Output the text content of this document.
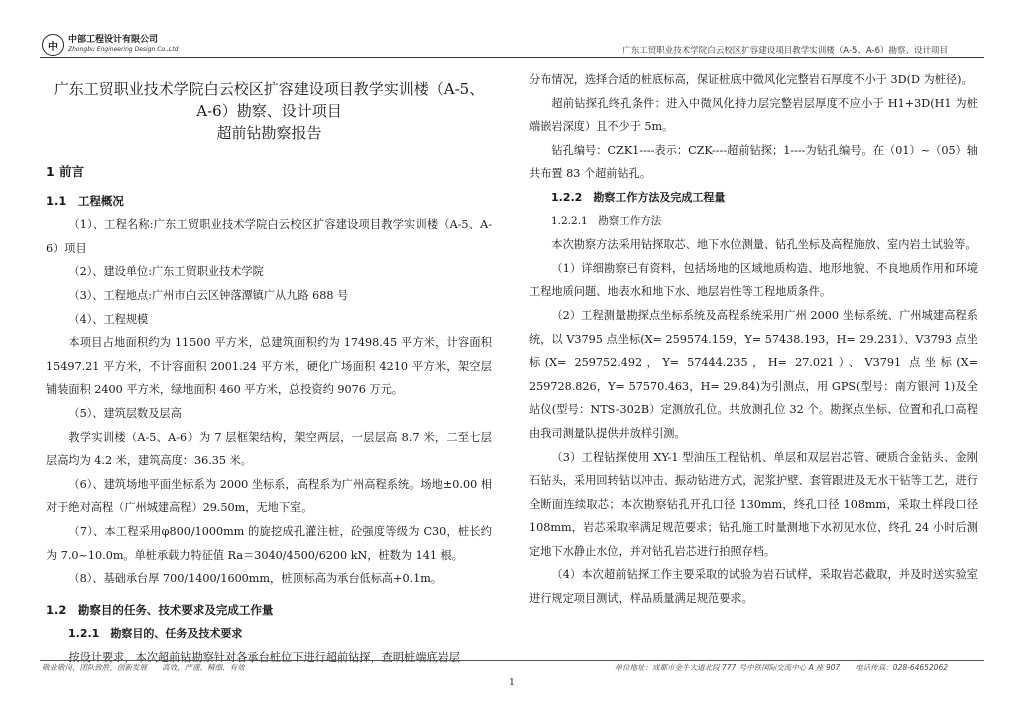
中
中部工程设计有限公司
Zhongbu Engineering Design Co.,Ltd	广东工贸职业技术学院白云校区扩容建设项目教学实训楼（A-5、A-6）勘察、设计项目
广东工贸职业技术学院白云校区扩容建设项目教学实训楼（A-5、
A-6）勘察、设计项目
超前钻勘察报告
1 前言
1.1　工程概况
（1）、工程名称:广东工贸职业技术学院白云校区扩容建设项目教学实训楼（A-5、A-6）项目
（2）、建设单位:广东工贸职业技术学院
（3）、工程地点:广州市白云区钟落潭镇广从九路 688 号
（4）、工程规模
本项目占地面积约为 11500 平方米，总建筑面积约为 17498.45 平方米，计容面积 15497.21 平方米，不计容面积 2001.24 平方米，硬化广场面积 4210 平方米，架空层铺装面积 2400 平方米，绿地面积 460 平方米，总投资约 9076 万元。
（5）、建筑层数及层高
教学实训楼（A-5、A-6）为 7 层框架结构，架空两层，一层层高 8.7 米，二至七层层高均为 4.2 米，建筑高度：36.35 米。
（6）、建筑场地平面坐标系为 2000 坐标系，高程系为广州高程系统。场地±0.00 相对于绝对高程（广州城建高程）29.50m，无地下室。
（7）、本工程采用φ800/1000mm 的旋挖成孔灌注桩，砼强度等级为 C30，桩长约为 7.0~10.0m。单桩承载力特征值 Ra＝3040/4500/6200 kN，桩数为 141 根。
（8）、基础承台厚 700/1400/1600mm，桩顶标高为承台低标高+0.1m。
1.2　勘察目的任务、技术要求及完成工作量
1.2.1　勘察目的、任务及技术要求
按设计要求，本次超前钻勘察针对各承台桩位下进行超前钻探，查明桩端底岩层
分布情况，选择合适的桩底标高，保证桩底中微风化完整岩石厚度不小于 3D(D 为桩径)。
超前钻探孔终孔条件：进入中微风化持力层完整岩层厚度不应小于 H1+3D(H1 为桩端嵌岩深度）且不少于 5m。
钻孔编号：CZK1----表示：CZK----超前钻探；1----为钻孔编号。在（01）~（05）轴共布置 83 个超前钻孔。
1.2.2　勘察工作方法及完成工程量
1.2.2.1　勘察工作方法
本次勘察方法采用钻探取芯、地下水位测量、钻孔坐标及高程施放、室内岩土试验等。
（1）详细勘察已有资料，包括场地的区域地质构造、地形地貌、不良地质作用和环境工程地质问题、地表水和地下水、地层岩性等工程地质条件。
（2）工程测量勘探点坐标系统及高程系统采用广州 2000 坐标系统、广州城建高程系统，以 V3795 点坐标(X= 259574.159，Y= 57438.193，H= 29.231）、V3793 点坐标(X= 259752.492，Y= 57444.235，H= 27.021）、V3791 点坐标(X= 259728.826，Y= 57570.463，H= 29.84)为引测点，用 GPS(型号：南方银河 1)及全站仪(型号：NTS-302B）定测放孔位。共放测孔位 32 个。勘探点坐标、位置和孔口高程由我司测量队提供并放样引测。
（3）工程钻探使用 XY-1 型油压工程钻机、单层和双层岩芯管、硬质合金钻头、金刚石钻头，采用回转钻以冲击、振动钻进方式，泥浆护壁、套管跟进及无水干钻等工艺，进行全断面连续取芯；本次勘察钻孔开孔口径 130mm，终孔口径 108mm，采取土样段口径 108mm，岩芯采取率满足规范要求；钻孔施工时量测地下水初见水位，终孔 24 小时后测定地下水静止水位，并对钻孔岩芯进行拍照存档。
（4）本次超前钻探工作主要采取的试验为岩石试样，采取岩芯截取，并及时送实验室进行规定项目测试，样品质量满足规范要求。
敬业敬岗、团队致胜，创新发展　　高效、严谨、精细、有效	单位地址：成都市金牛大道北段 777 号中铁国际交流中心 A 座 907　　电话传真：028-64652062
1
